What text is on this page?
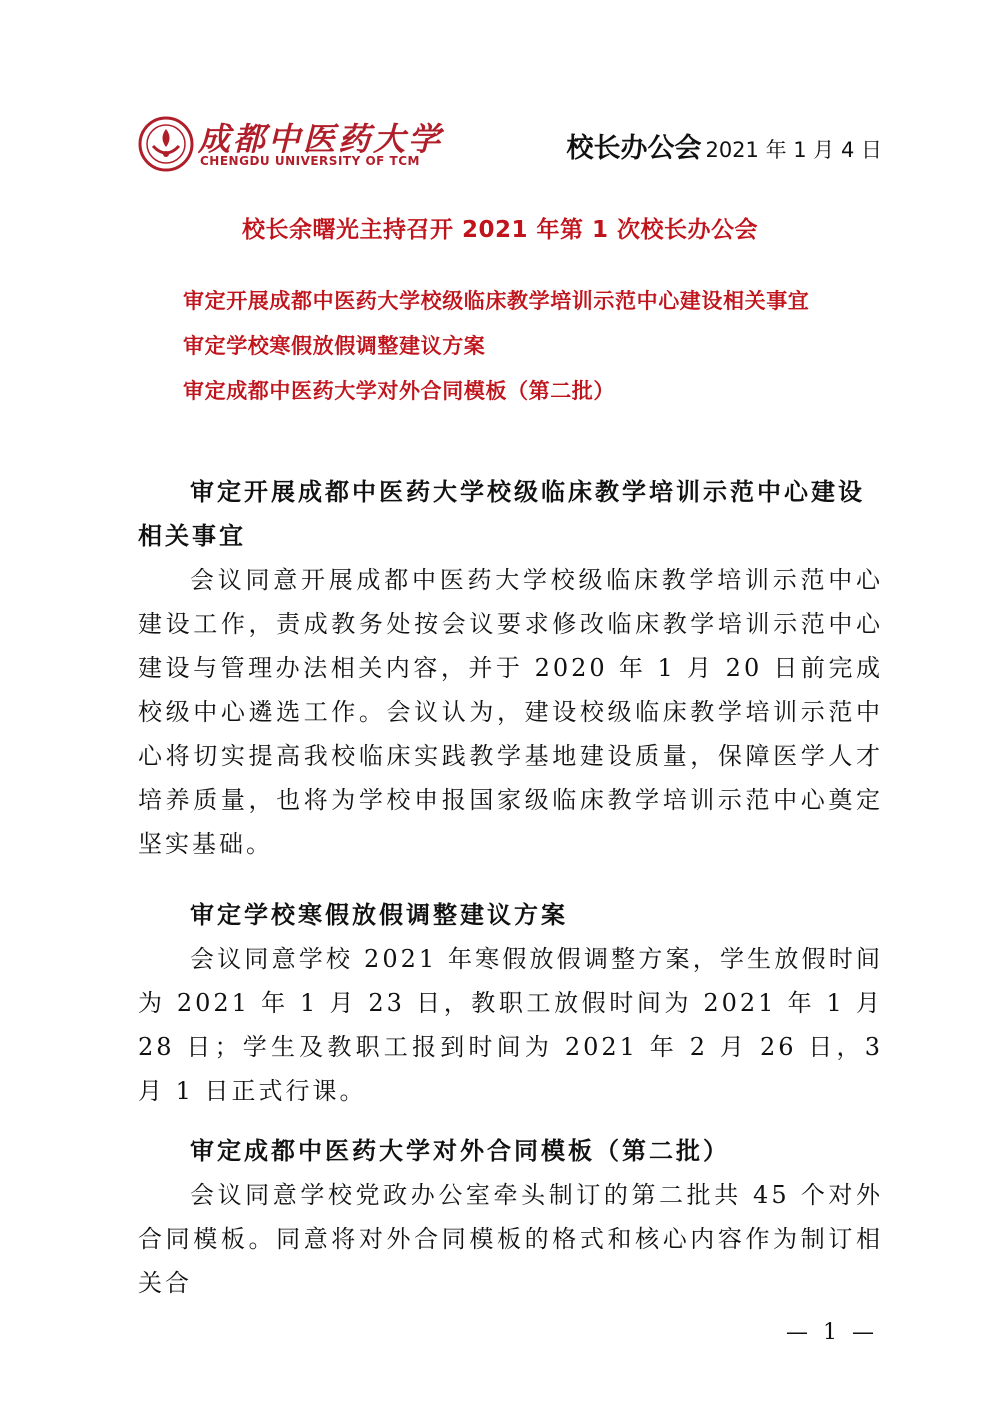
成都中医药大学
CHENGDU UNIVERSITY OF TCM	校长办公会 2021 年 1 月 4 日
校长余曙光主持召开 2021 年第 1 次校长办公会
审定开展成都中医药大学校级临床教学培训示范中心建设相关事宜
审定学校寒假放假调整建议方案
审定成都中医药大学对外合同模板（第二批）

审定开展成都中医药大学校级临床教学培训示范中心建设相关事宜

会议同意开展成都中医药大学校级临床教学培训示范中心建设工作，责成教务处按会议要求修改临床教学培训示范中心建设与管理办法相关内容，并于 2020 年 1 月 20 日前完成校级中心遴选工作。会议认为，建设校级临床教学培训示范中心将切实提高我校临床实践教学基地建设质量，保障医学人才培养质量，也将为学校申报国家级临床教学培训示范中心奠定坚实基础。

审定学校寒假放假调整建议方案

会议同意学校 2021 年寒假放假调整方案，学生放假时间为 2021 年 1 月 23 日，教职工放假时间为 2021 年 1 月 28 日；学生及教职工报到时间为 2021 年 2 月 26 日，3 月 1 日正式行课。

审定成都中医药大学对外合同模板（第二批）

会议同意学校党政办公室牵头制订的第二批共 45 个对外合同模板。同意将对外合同模板的格式和核心内容作为制订相关合

— 1 —
